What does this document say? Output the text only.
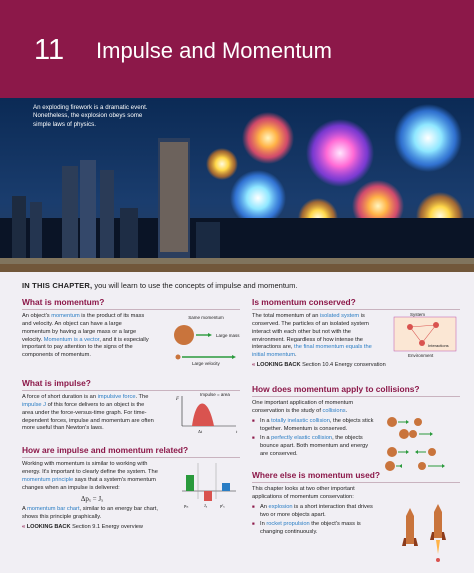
11 Impulse and Momentum
An exploding firework is a dramatic event. Nonetheless, the explosion obeys some simple laws of physics.
IN THIS CHAPTER, you will learn to use the concepts of impulse and momentum.
What is momentum?

An object's momentum is the product of its mass and velocity. An object can have a large momentum by having a large mass or a large velocity. Momentum is a vector, and it is especially important to pay attention to the signs of the components of momentum.

Same momentum
Large mass
Large velocity
What is impulse?

A force of short duration is an impulsive force. The impulse J of this force delivers to an object is the area under the force-versus-time graph. For time-dependent forces, impulse and momentum are often more useful than Newton's laws.

F
Impulse = area
Δt	t
How are impulse and momentum related?

Working with momentum is similar to working with energy. It's important to clearly define the system. The momentum principle says that a system's momentum changes when an impulse is delivered:

Δpₓ = Jₓ

A momentum bar chart, similar to an energy bar chart, shows this principle graphically.

« LOOKING BACK Section 9.1 Energy overview
pᵢₓ	Jₓ	pᶠₓ
Is momentum conserved?

The total momentum of an isolated system is conserved. The particles of an isolated system interact with each other but not with the environment. Regardless of how intense the interactions are, the final momentum equals the initial momentum.

« LOOKING BACK Section 10.4 Energy conservation
System
Interactions
Environment
How does momentum apply to collisions?

One important application of momentum conservation is the study of collisions.

■ In a totally inelastic collision, the objects stick together. Momentum is conserved.
■ In a perfectly elastic collision, the objects bounce apart. Both momentum and energy are conserved.
Where else is momentum used?

This chapter looks at two other important applications of momentum conservation:

■ An explosion is a short interaction that drives two or more objects apart.
■ In rocket propulsion the object's mass is changing continuously.
